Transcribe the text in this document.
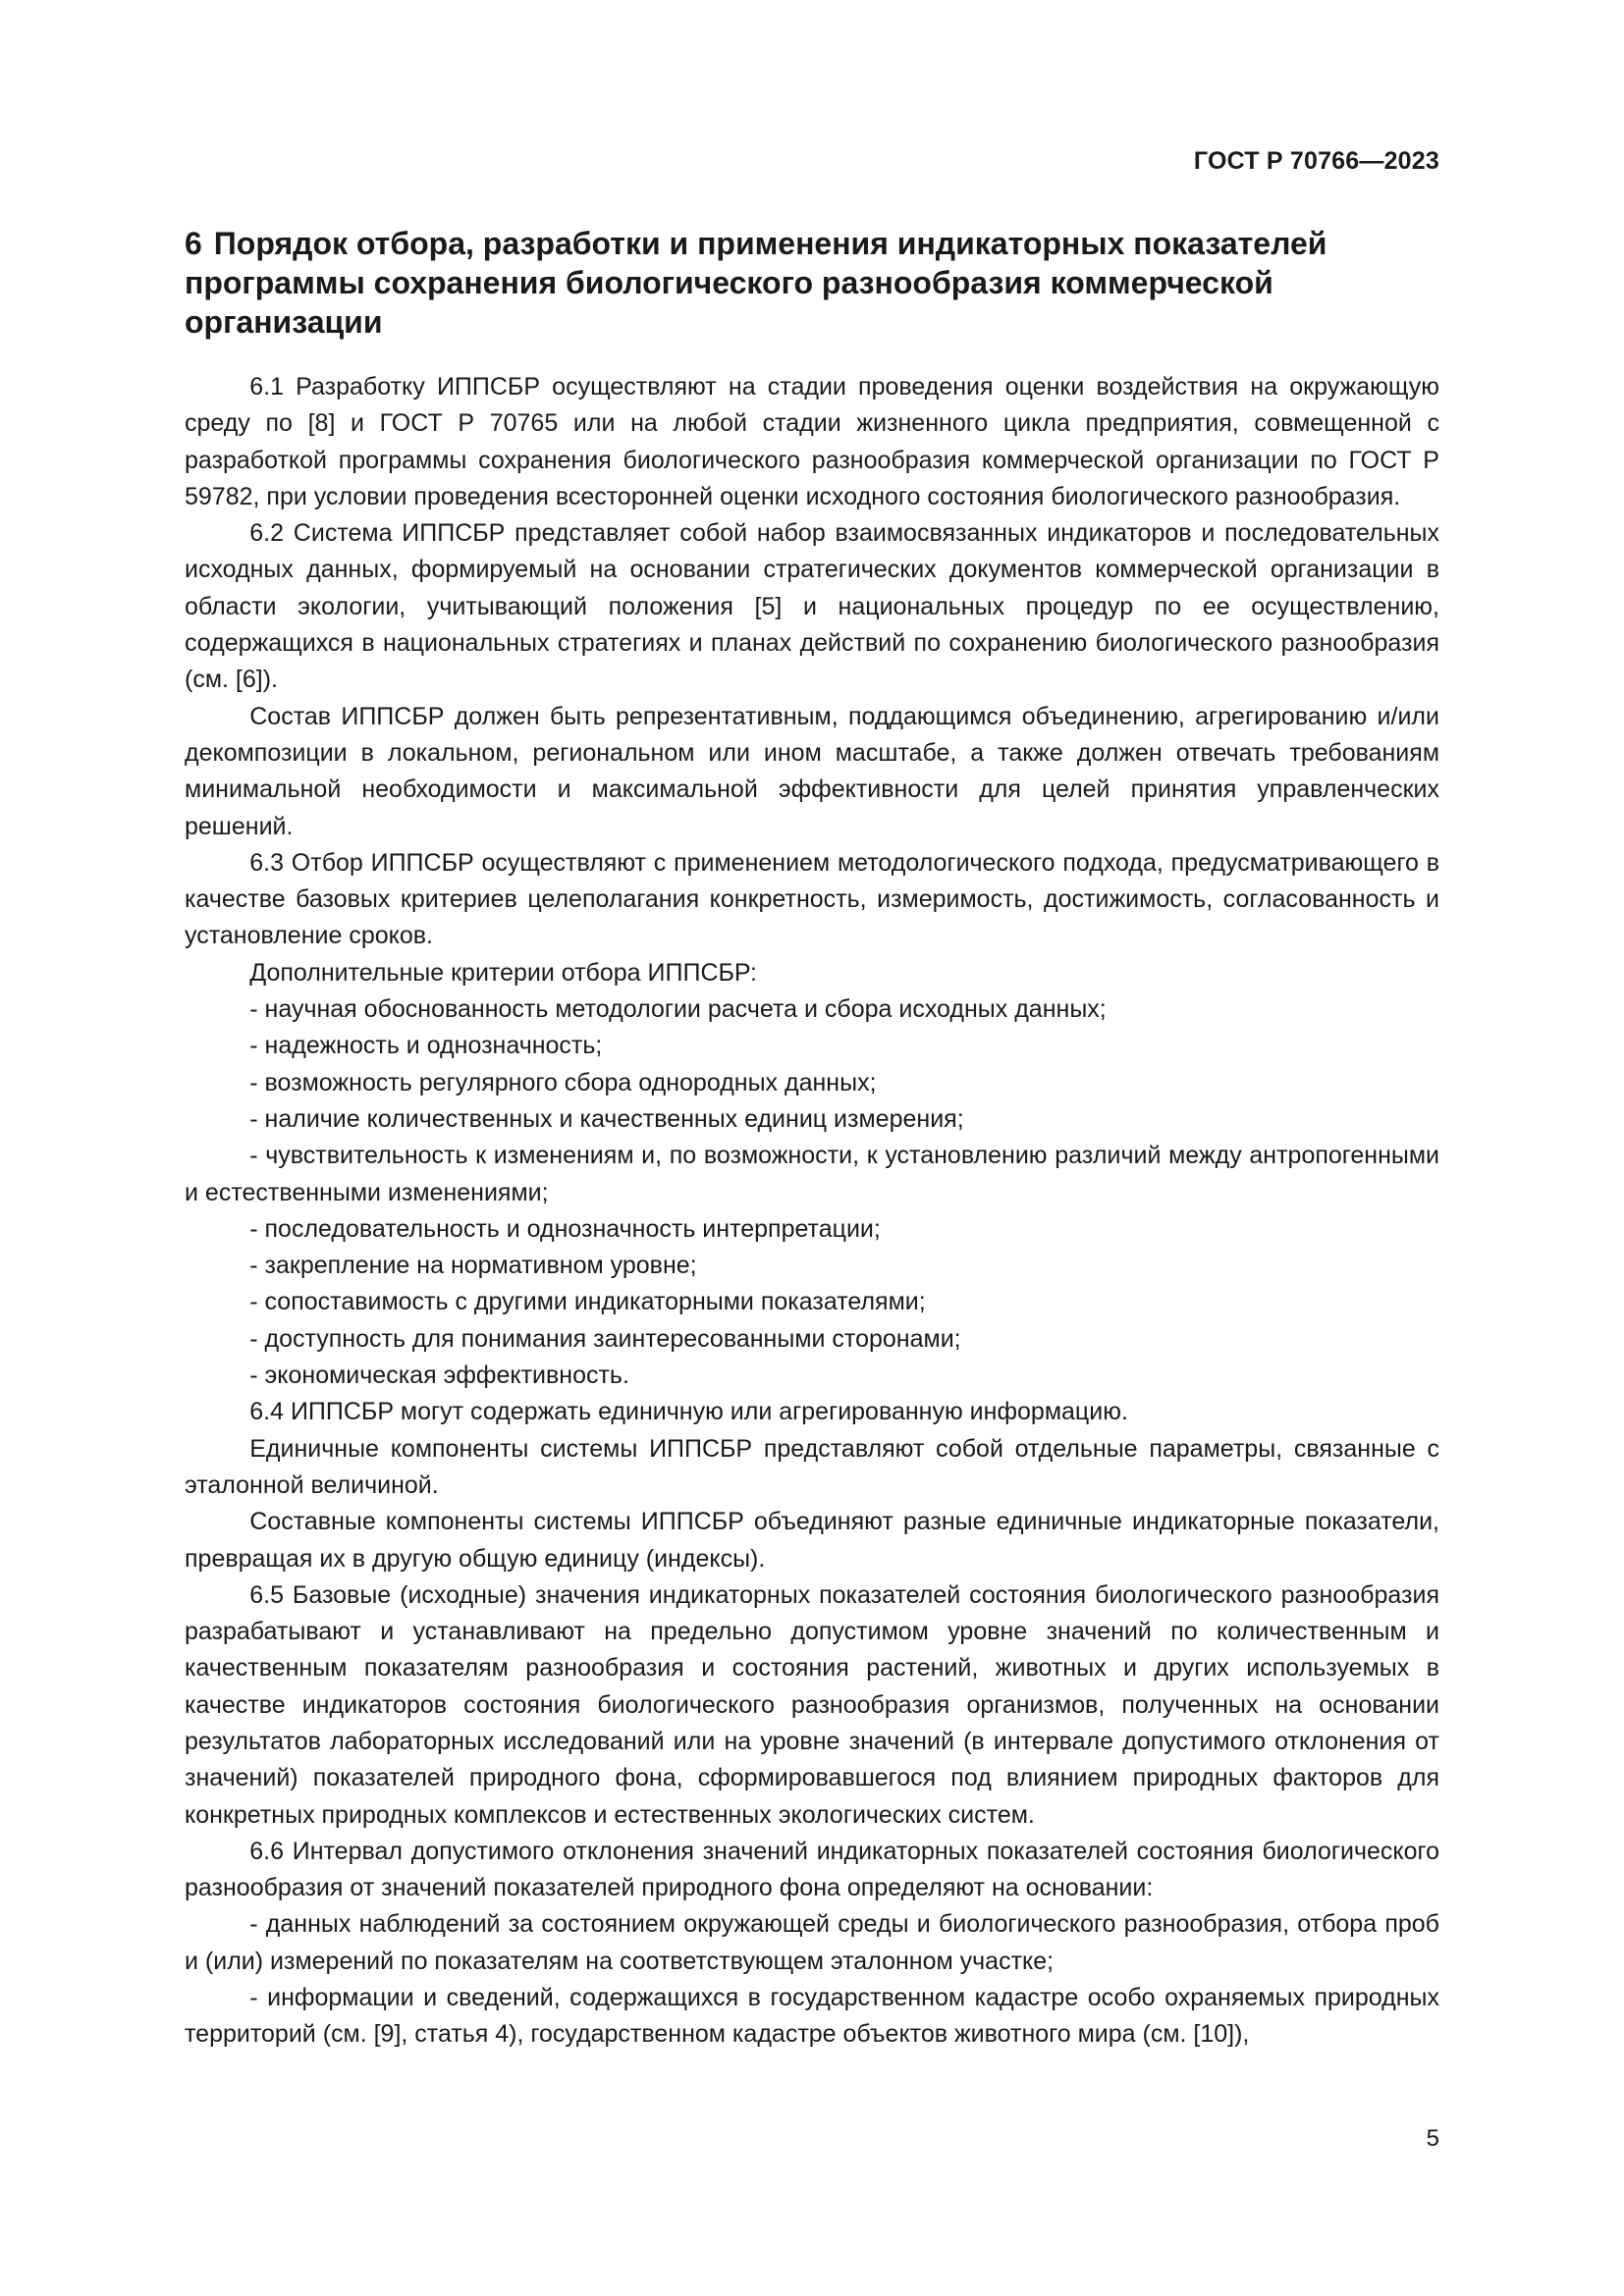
ГОСТ Р 70766—2023
6 Порядок отбора, разработки и применения индикаторных показателей программы сохранения биологического разнообразия коммерческой организации

6.1 Разработку ИППСБР осуществляют на стадии проведения оценки воздействия на окружающую среду по [8] и ГОСТ Р 70765 или на любой стадии жизненного цикла предприятия, совмещенной с разработкой программы сохранения биологического разнообразия коммерческой организации по ГОСТ Р 59782, при условии проведения всесторонней оценки исходного состояния биологического разнообразия.

6.2 Система ИППСБР представляет собой набор взаимосвязанных индикаторов и последовательных исходных данных, формируемый на основании стратегических документов коммерческой организации в области экологии, учитывающий положения [5] и национальных процедур по ее осуществлению, содержащихся в национальных стратегиях и планах действий по сохранению биологического разнообразия (см. [6]).

Состав ИППСБР должен быть репрезентативным, поддающимся объединению, агрегированию и/или декомпозиции в локальном, региональном или ином масштабе, а также должен отвечать требованиям минимальной необходимости и максимальной эффективности для целей принятия управленческих решений.

6.3 Отбор ИППСБР осуществляют с применением методологического подхода, предусматривающего в качестве базовых критериев целеполагания конкретность, измеримость, достижимость, согласованность и установление сроков.

Дополнительные критерии отбора ИППСБР:

- научная обоснованность методологии расчета и сбора исходных данных;

- надежность и однозначность;

- возможность регулярного сбора однородных данных;

- наличие количественных и качественных единиц измерения;

- чувствительность к изменениям и, по возможности, к установлению различий между антропогенными и естественными изменениями;

- последовательность и однозначность интерпретации;

- закрепление на нормативном уровне;

- сопоставимость с другими индикаторными показателями;

- доступность для понимания заинтересованными сторонами;

- экономическая эффективность.

6.4 ИППСБР могут содержать единичную или агрегированную информацию.

Единичные компоненты системы ИППСБР представляют собой отдельные параметры, связанные с эталонной величиной.

Составные компоненты системы ИППСБР объединяют разные единичные индикаторные показатели, превращая их в другую общую единицу (индексы).

6.5 Базовые (исходные) значения индикаторных показателей состояния биологического разнообразия разрабатывают и устанавливают на предельно допустимом уровне значений по количественным и качественным показателям разнообразия и состояния растений, животных и других используемых в качестве индикаторов состояния биологического разнообразия организмов, полученных на основании результатов лабораторных исследований или на уровне значений (в интервале допустимого отклонения от значений) показателей природного фона, сформировавшегося под влиянием природных факторов для конкретных природных комплексов и естественных экологических систем.

6.6 Интервал допустимого отклонения значений индикаторных показателей состояния биологического разнообразия от значений показателей природного фона определяют на основании:

- данных наблюдений за состоянием окружающей среды и биологического разнообразия, отбора проб и (или) измерений по показателям на соответствующем эталонном участке;

- информации и сведений, содержащихся в государственном кадастре особо охраняемых природных территорий (см. [9], статья 4), государственном кадастре объектов животного мира (см. [10]),

5
